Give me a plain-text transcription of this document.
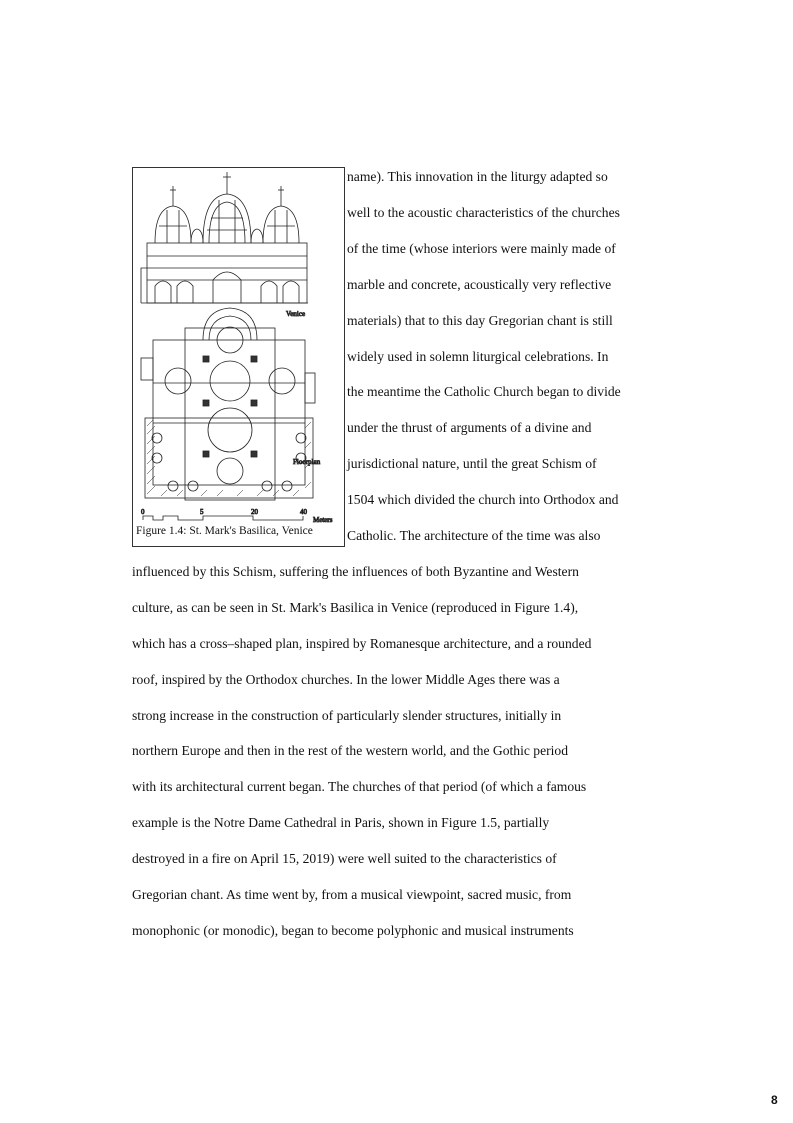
Venice
Floorplan
0	5	20	40
Meters
Figure 1.4: St. Mark's Basilica, Venice
name). This innovation in the liturgy adapted so
well to the acoustic characteristics of the churches
of the time (whose interiors were mainly made of
marble and concrete, acoustically very reflective
materials) that to this day Gregorian chant is still
widely used in solemn liturgical celebrations. In
the meantime the Catholic Church began to divide
under the thrust of arguments of a divine and
jurisdictional nature, until the great Schism of
1504 which divided the church into Orthodox and
Catholic. The architecture of the time was also
influenced by this Schism, suffering the influences of both Byzantine and Western
culture, as can be seen in St. Mark's Basilica in Venice (reproduced in Figure 1.4),
which has a cross–shaped plan, inspired by Romanesque architecture, and a rounded
roof, inspired by the Orthodox churches. In the lower Middle Ages there was a
strong increase in the construction of particularly slender structures, initially in
northern Europe and then in the rest of the western world, and the Gothic period
with its architectural current began. The churches of that period (of which a famous
example is the Notre Dame Cathedral in Paris, shown in Figure 1.5, partially
destroyed in a fire on April 15, 2019) were well suited to the characteristics of
Gregorian chant. As time went by, from a musical viewpoint, sacred music, from
monophonic (or monodic), began to become polyphonic and musical instruments
8
